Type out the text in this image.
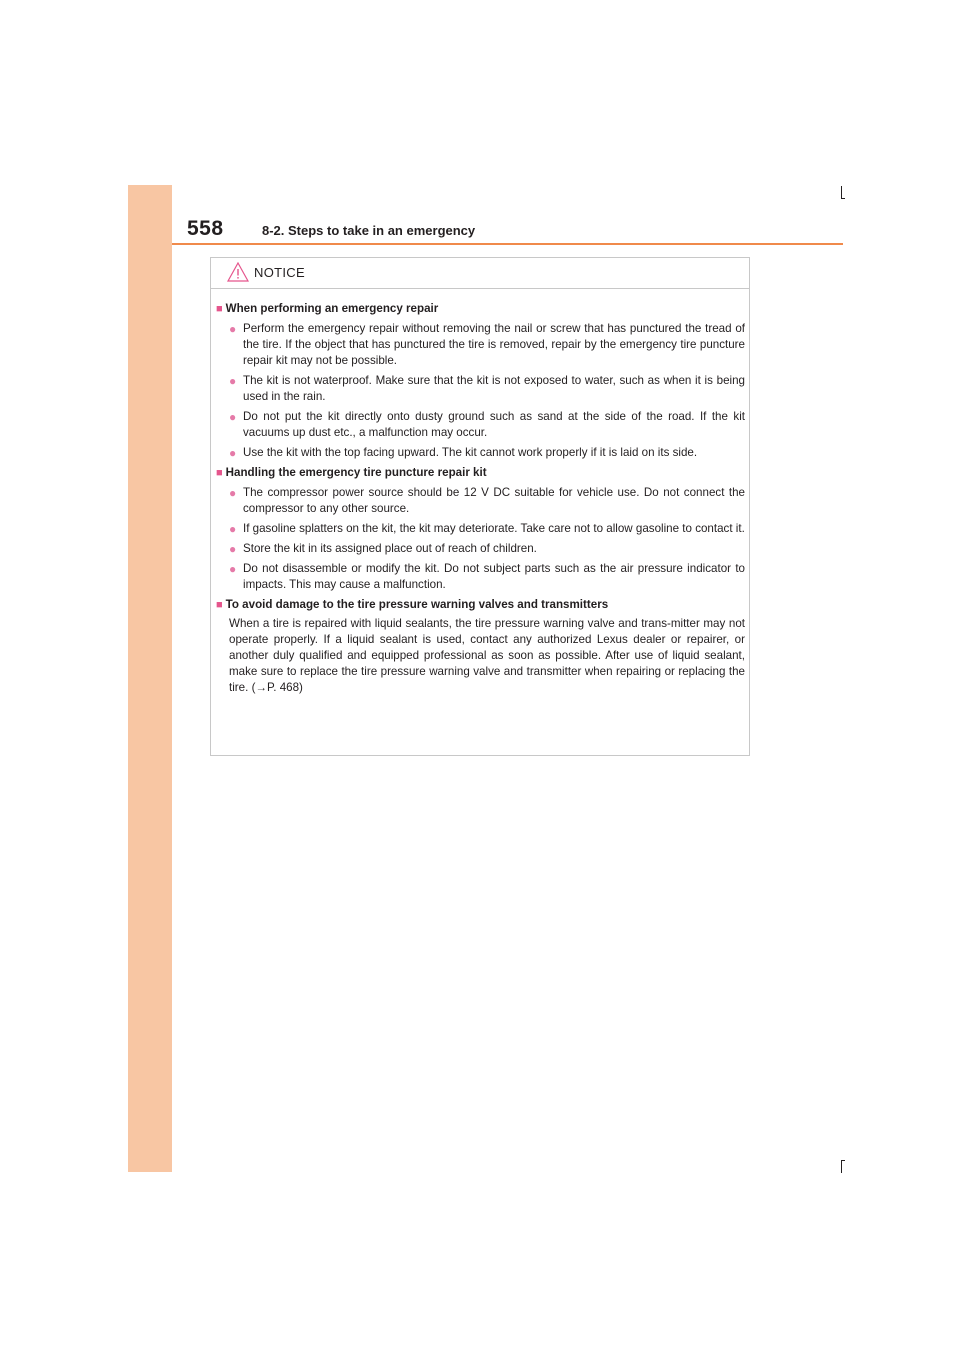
558	8-2. Steps to take in an emergency
NOTICE
■ When performing an emergency repair
● Perform the emergency repair without removing the nail or screw that has punctured the tread of the tire. If the object that has punctured the tire is removed, repair by the emergency tire puncture repair kit may not be possible.
● The kit is not waterproof. Make sure that the kit is not exposed to water, such as when it is being used in the rain.
● Do not put the kit directly onto dusty ground such as sand at the side of the road. If the kit vacuums up dust etc., a malfunction may occur.
● Use the kit with the top facing upward. The kit cannot work properly if it is laid on its side.
■ Handling the emergency tire puncture repair kit
● The compressor power source should be 12 V DC suitable for vehicle use. Do not connect the compressor to any other source.
● If gasoline splatters on the kit, the kit may deteriorate. Take care not to allow gasoline to contact it.
● Store the kit in its assigned place out of reach of children.
● Do not disassemble or modify the kit. Do not subject parts such as the air pressure indicator to impacts. This may cause a malfunction.
■ To avoid damage to the tire pressure warning valves and transmitters
When a tire is repaired with liquid sealants, the tire pressure warning valve and trans-mitter may not operate properly. If a liquid sealant is used, contact any authorized Lexus dealer or repairer, or another duly qualified and equipped professional as soon as possible. After use of liquid sealant, make sure to replace the tire pressure warning valve and transmitter when repairing or replacing the tire. (→P. 468)
